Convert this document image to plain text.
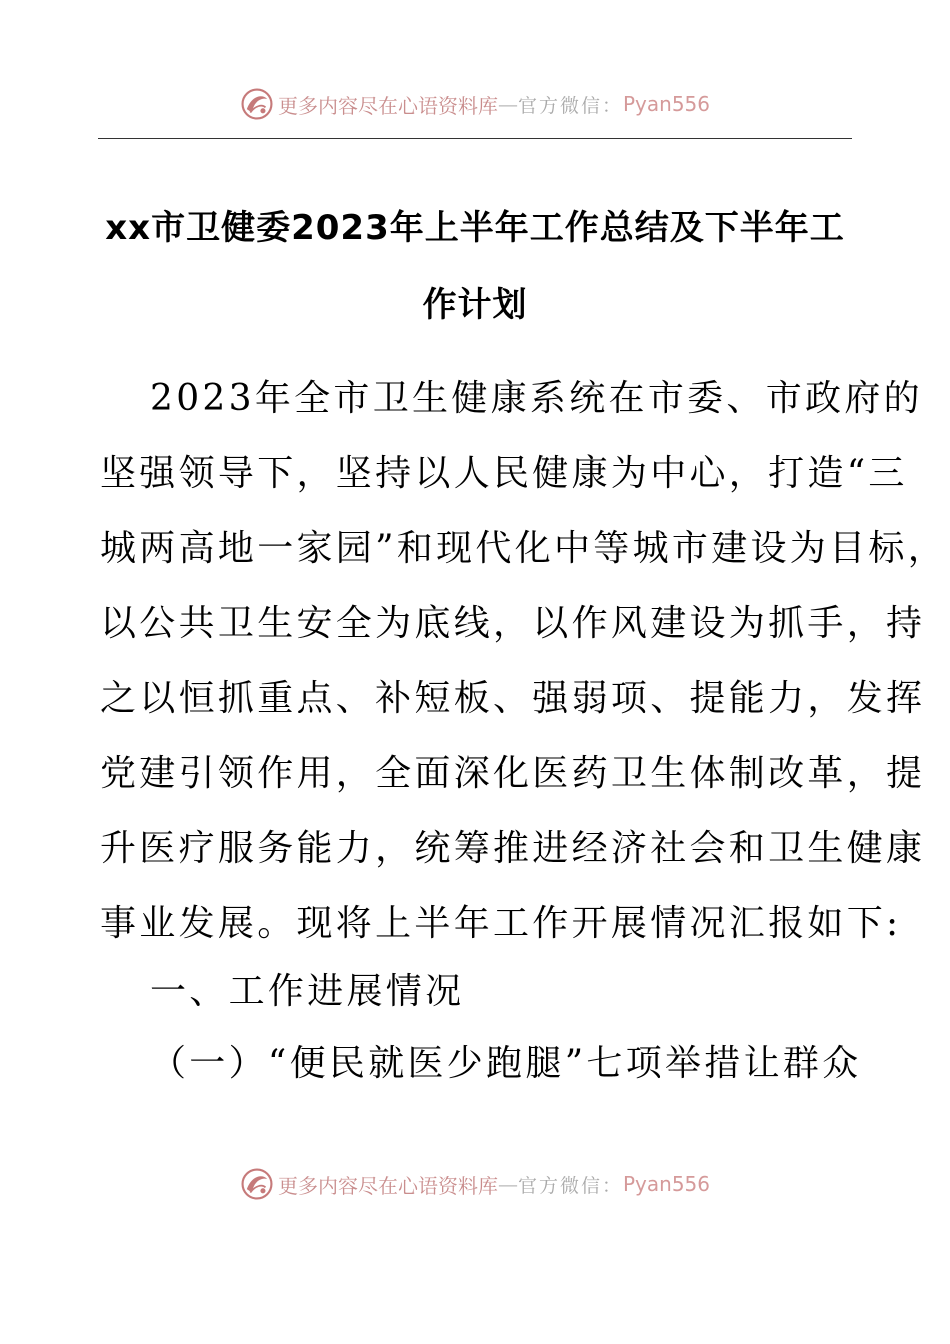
更多内容尽在心语资料库 — 官方微信： Pyan556
xx市卫健委2023年上半年工作总结及下半年工
作计划
2023年全市卫生健康系统在市委、市政府的
坚强领导下，坚持以人民健康为中心，打造“三
城两高地一家园”和现代化中等城市建设为目标，
以公共卫生安全为底线，以作风建设为抓手，持
之以恒抓重点、补短板、强弱项、提能力，发挥
党建引领作用，全面深化医药卫生体制改革，提
升医疗服务能力，统筹推进经济社会和卫生健康
事业发展。现将上半年工作开展情况汇报如下:
一、工作进展情况
（一）“便民就医少跑腿”七项举措让群众
更多内容尽在心语资料库 — 官方微信： Pyan556
